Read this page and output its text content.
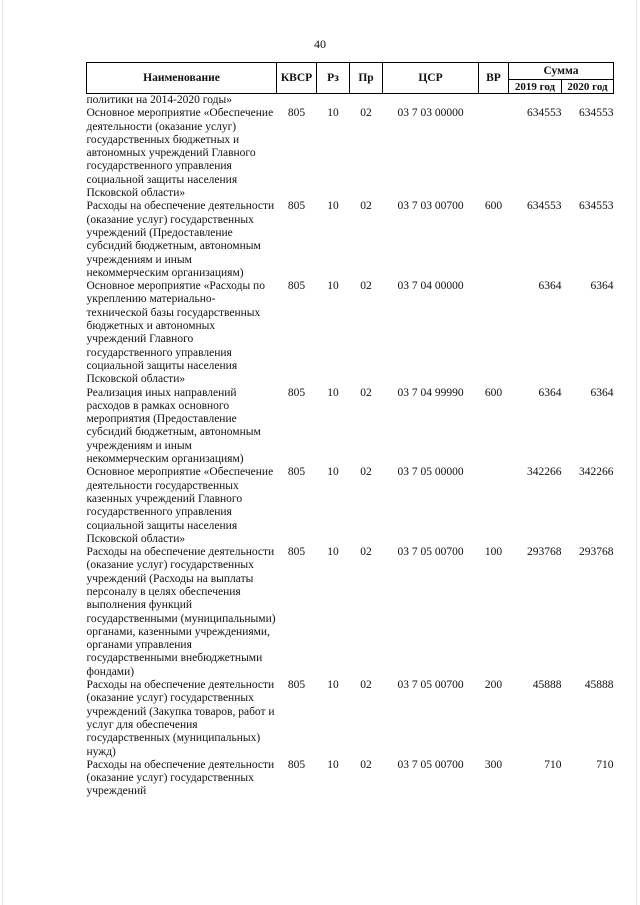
40
Наименование	КВСР	Рз	Пр	ЦСР	ВР	Сумма	
						2019 год	2020 год
политики на 2014-2020 годы»							
Основное мероприятие «Обеспечение деятельности (оказание услуг) государственных бюджетных и автономных учреждений Главного государственного управления социальной защиты населения Псковской области»	805	10	02	03 7 03 00000		634553	634553
Расходы на обеспечение деятельности (оказание услуг) государственных учреждений (Предоставление субсидий бюджетным, автономным учреждениям и иным некоммерческим организациям)	805	10	02	03 7 03 00700	600	634553	634553
Основное мероприятие «Расходы по укреплению материально-технической базы государственных бюджетных и автономных учреждений Главного государственного управления социальной защиты населения Псковской области»	805	10	02	03 7 04 00000		6364	6364
Реализация иных направлений расходов в рамках основного мероприятия (Предоставление субсидий бюджетным, автономным учреждениям и иным некоммерческим организациям)	805	10	02	03 7 04 99990	600	6364	6364
Основное мероприятие «Обеспечение деятельности государственных казенных учреждений Главного государственного управления социальной защиты населения Псковской области»	805	10	02	03 7 05 00000		342266	342266
Расходы на обеспечение деятельности (оказание услуг) государственных учреждений (Расходы на выплаты персоналу в целях обеспечения выполнения функций государственными (муниципальными) органами, казенными учреждениями, органами управления государственными внебюджетными фондами)	805	10	02	03 7 05 00700	100	293768	293768
Расходы на обеспечение деятельности (оказание услуг) государственных учреждений (Закупка товаров, работ и услуг для обеспечения государственных (муниципальных) нужд)	805	10	02	03 7 05 00700	200	45888	45888
Расходы на обеспечение деятельности (оказание услуг) государственных учреждений	805	10	02	03 7 05 00700	300	710	710
